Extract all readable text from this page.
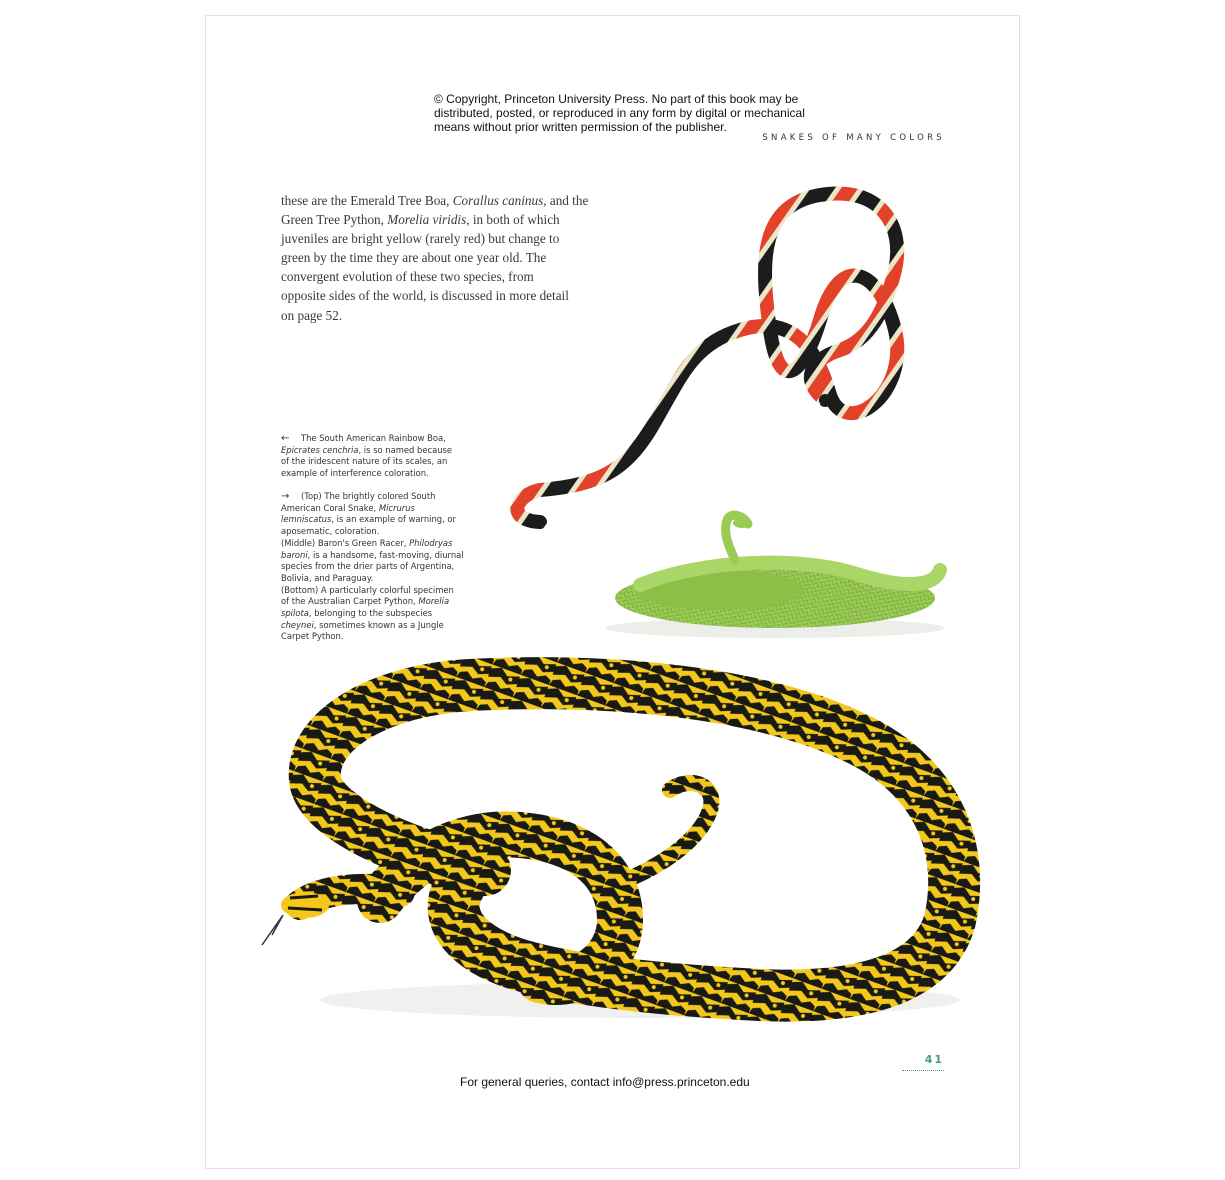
© Copyright, Princeton University Press. No part of this book may be
distributed, posted, or reproduced in any form by digital or mechanical
means without prior written permission of the publisher.
SNAKES OF MANY COLORS
these are the Emerald Tree Boa, Corallus caninus, and the
Green Tree Python, Morelia viridis, in both of which
juveniles are bright yellow (rarely red) but change to
green by the time they are about one year old. The
convergent evolution of these two species, from
opposite sides of the world, is discussed in more detail
on page 52.
← The South American Rainbow Boa,
Epicrates cenchria, is so named because
of the iridescent nature of its scales, an
example of interference coloration.
→ (Top) The brightly colored South
American Coral Snake, Micrurus
lemniscatus, is an example of warning, or
aposematic, coloration.
(Middle) Baron's Green Racer, Philodryas
baroni, is a handsome, fast-moving, diurnal
species from the drier parts of Argentina,
Bolivia, and Paraguay.
(Bottom) A particularly colorful specimen
of the Australian Carpet Python, Morelia
spilota, belonging to the subspecies
cheynei, sometimes known as a Jungle
Carpet Python.
41
For general queries, contact info@press.princeton.edu
